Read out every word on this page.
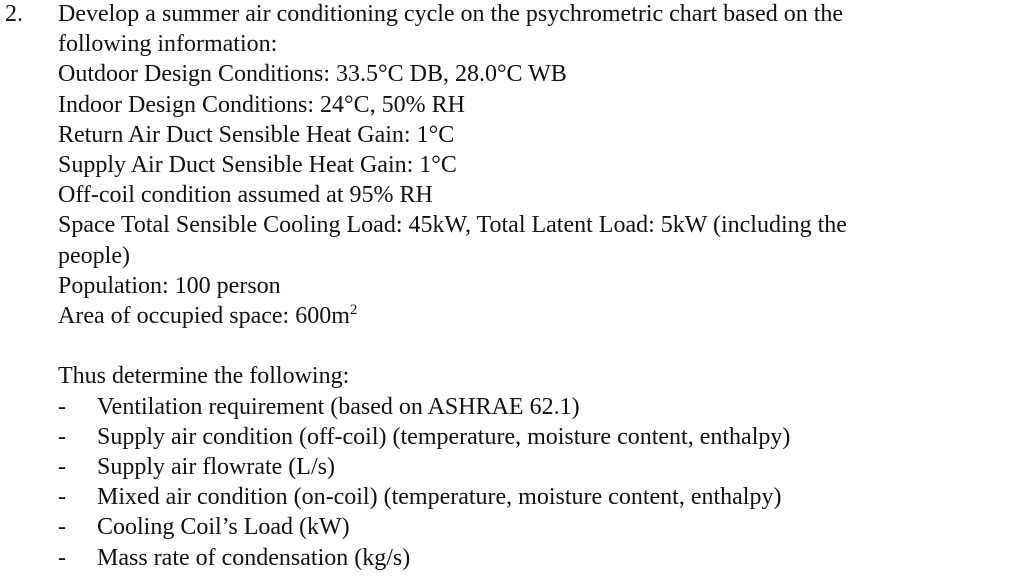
2. Develop a summer air conditioning cycle on the psychrometric chart based on the
following information:
Outdoor Design Conditions: 33.5°C DB, 28.0°C WB
Indoor Design Conditions: 24°C, 50% RH
Return Air Duct Sensible Heat Gain: 1°C
Supply Air Duct Sensible Heat Gain: 1°C
Off-coil condition assumed at 95% RH
Space Total Sensible Cooling Load: 45kW, Total Latent Load: 5kW (including the
people)
Population: 100 person
Area of occupied space: $600m^2$
Thus determine the following:
- Ventilation requirement (based on ASHRAE 62.1)
- Supply air condition (off-coil) (temperature, moisture content, enthalpy)
- Supply air flowrate (L/s)
- Mixed air condition (on-coil) (temperature, moisture content, enthalpy)
- Cooling Coil’s Load (kW)
- Mass rate of condensation (kg/s)
